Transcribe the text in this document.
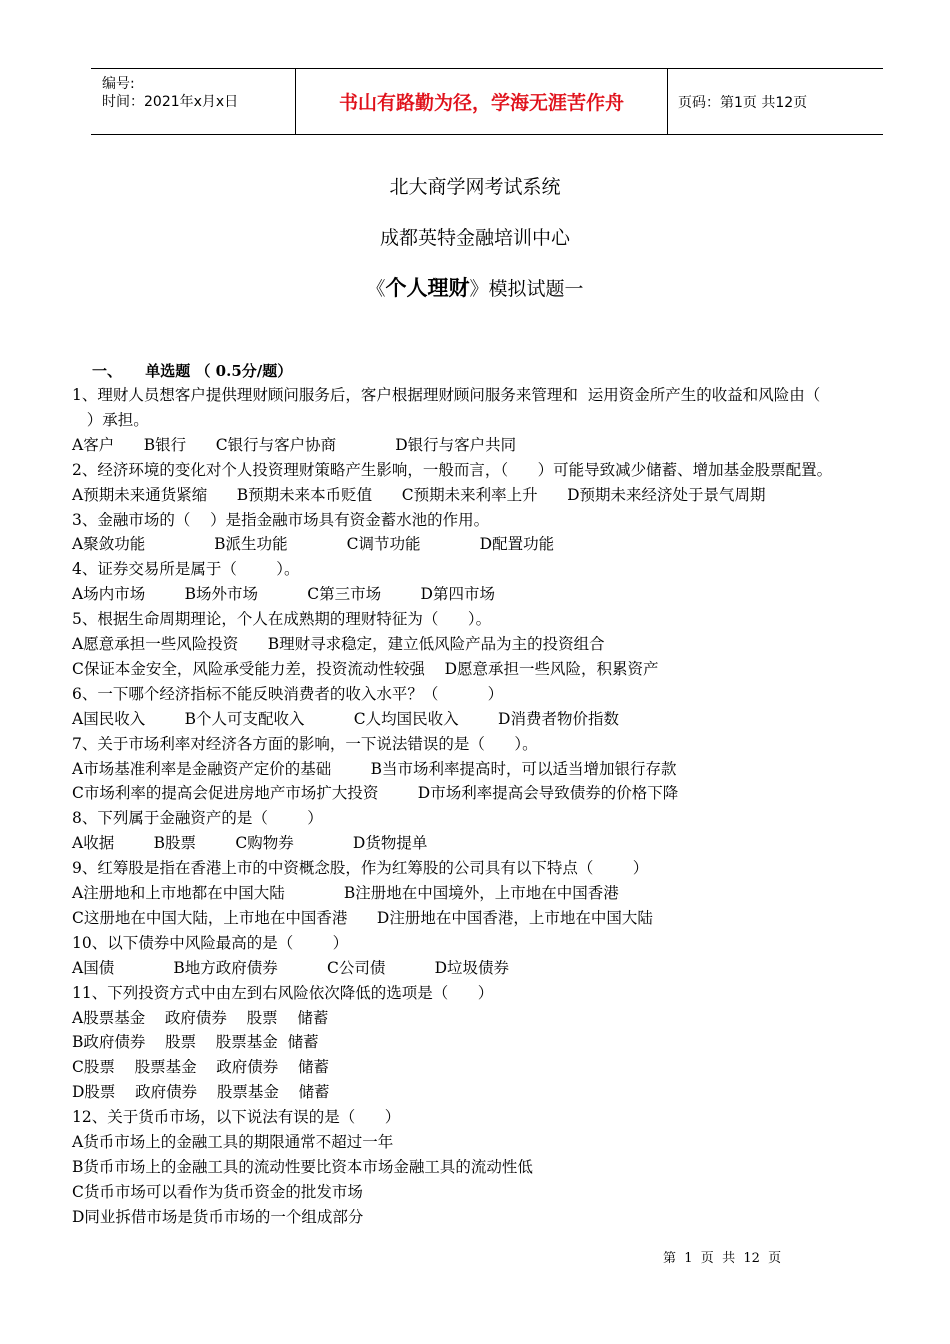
编号:
时间：2021年x月x日	书山有路勤为径，学海无涯苦作舟	页码：第1页 共12页
北大商学网考试系统
成都英特金融培训中心
《个人理财》模拟试题一
一、 单选题 （ 0.5分/题）
1、理财人员想客户提供理财顾问服务后，客户根据理财顾问服务来管理和  运用资金所产生的收益和风险由（
）承担。
A客户      B银行      C银行与客户协商            D银行与客户共同
2、经济环境的变化对个人投资理财策略产生影响，一般而言，（      ）可能导致减少储蓄、增加基金股票配置。
A预期未来通货紧缩      B预期未来本币贬值      C预期未来利率上升      D预期未来经济处于景气周期
3、金融市场的（    ）是指金融市场具有资金蓄水池的作用。
A聚敛功能              B派生功能            C调节功能            D配置功能
4、证券交易所是属于（        ）。
A场内市场        B场外市场          C第三市场        D第四市场
5、根据生命周期理论，个人在成熟期的理财特征为（      ）。
A愿意承担一些风险投资      B理财寻求稳定，建立低风险产品为主的投资组合
C保证本金安全，风险承受能力差，投资流动性较强    D愿意承担一些风险，积累资产
6、一下哪个经济指标不能反映消费者的收入水平？（          ）
A国民收入        B个人可支配收入          C人均国民收入        D消费者物价指数
7、关于市场利率对经济各方面的影响，一下说法错误的是（      ）。
A市场基准利率是金融资产定价的基础        B当市场利率提高时，可以适当增加银行存款
C市场利率的提高会促进房地产市场扩大投资        D市场利率提高会导致债券的价格下降
8、下列属于金融资产的是（        ）
A收据        B股票        C购物券            D货物提单
9、红筹股是指在香港上市的中资概念股，作为红筹股的公司具有以下特点（        ）
A注册地和上市地都在中国大陆            B注册地在中国境外，上市地在中国香港
C这册地在中国大陆，上市地在中国香港      D注册地在中国香港，上市地在中国大陆
10、以下债券中风险最高的是（        ）
A国债            B地方政府债券          C公司债          D垃圾债券
11、下列投资方式中由左到右风险依次降低的选项是（      ）
A股票基金    政府债券    股票    储蓄
B政府债券    股票    股票基金  储蓄
C股票    股票基金    政府债券    储蓄
D股票    政府债券    股票基金    储蓄
12、关于货币市场，以下说法有误的是（      ）
A货币市场上的金融工具的期限通常不超过一年
B货币市场上的金融工具的流动性要比资本市场金融工具的流动性低
C货币市场可以看作为货币资金的批发市场
D同业拆借市场是货币市场的一个组成部分
第  1  页  共  12  页
